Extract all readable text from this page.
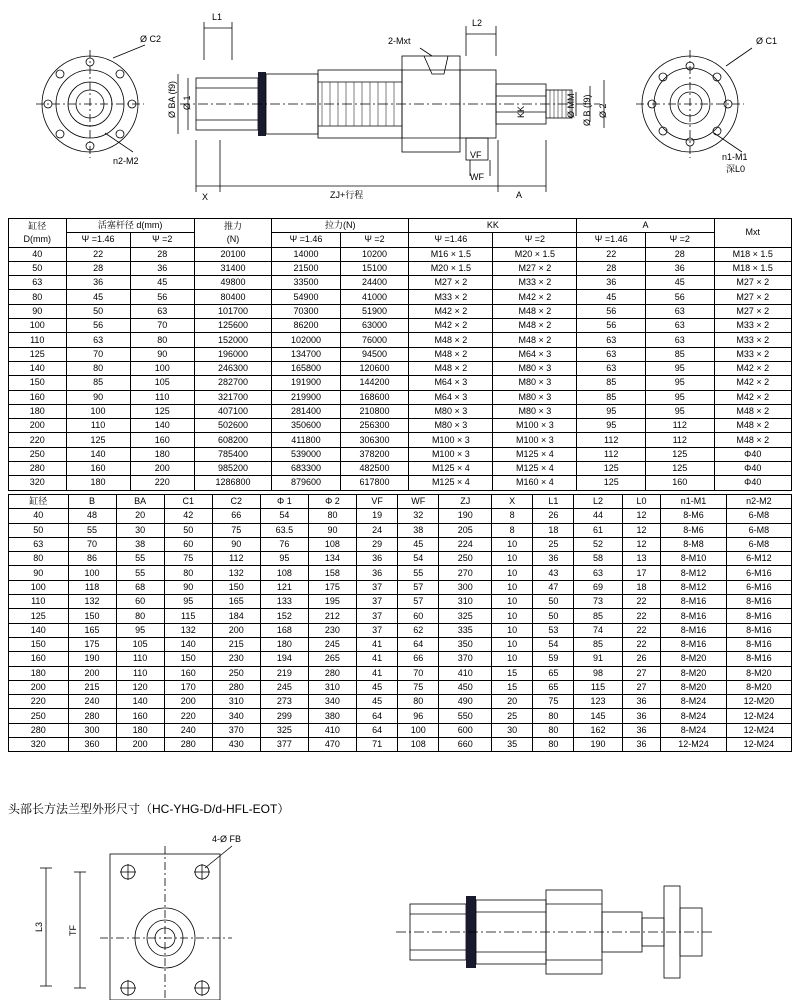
L1
Ø C2
Ø BA (f9) Ø 1
n2-M2
2-Mxt
L2
KK	Ø MM Ø B (f9) Ø 2
Ø C1
n1-M1
深L0
VF
WF
A
X	ZJ+行程
缸径
D(mm)
	活塞杆径 d(mm)	推力
(N)
	拉力(N)	KK	A	Mxt
	Ψ =1.46	Ψ =2		Ψ =1.46	Ψ =2	Ψ =1.46	Ψ =2	Ψ =1.46	Ψ =2	
40	22	28	20100	14000	10200	M16 × 1.5	M20 × 1.5	22	28	M18 × 1.5
50	28	36	31400	21500	15100	M20 × 1.5	M27 × 2	28	36	M18 × 1.5
63	36	45	49800	33500	24400	M27 × 2	M33 × 2	36	45	M27 × 2
80	45	56	80400	54900	41000	M33 × 2	M42 × 2	45	56	M27 × 2
90	50	63	101700	70300	51900	M42 × 2	M48 × 2	56	63	M27 × 2
100	56	70	125600	86200	63000	M42 × 2	M48 × 2	56	63	M33 × 2
110	63	80	152000	102000	76000	M48 × 2	M48 × 2	63	63	M33 × 2
125	70	90	196000	134700	94500	M48 × 2	M64 × 3	63	85	M33 × 2
140	80	100	246300	165800	120600	M48 × 2	M80 × 3	63	95	M42 × 2
150	85	105	282700	191900	144200	M64 × 3	M80 × 3	85	95	M42 × 2
160	90	110	321700	219900	168600	M64 × 3	M80 × 3	85	95	M42 × 2
180	100	125	407100	281400	210800	M80 × 3	M80 × 3	95	95	M48 × 2
200	110	140	502600	350600	256300	M80 × 3	M100 × 3	95	112	M48 × 2
220	125	160	608200	411800	306300	M100 × 3	M100 × 3	112	112	M48 × 2
250	140	180	785400	539000	378200	M100 × 3	M125 × 4	112	125	Φ40
280	160	200	985200	683300	482500	M125 × 4	M125 × 4	125	125	Φ40
320	180	220	1286800	879600	617800	M125 × 4	M160 × 4	125	160	Φ40
缸径	B	BA	C1	C2	Φ 1	Φ 2	VF	WF	ZJ	X	L1	L2	L0	n1-M1	n2-M2
40	48	20	42	66	54	80	19	32	190	8	26	44	12	8-M6	6-M8
50	55	30	50	75	63.5	90	24	38	205	8	18	61	12	8-M6	6-M8
63	70	38	60	90	76	108	29	45	224	10	25	52	12	8-M8	6-M8
80	86	55	75	112	95	134	36	54	250	10	36	58	13	8-M10	6-M12
90	100	55	80	132	108	158	36	55	270	10	43	63	17	8-M12	6-M16
100	118	68	90	150	121	175	37	57	300	10	47	69	18	8-M12	6-M16
110	132	60	95	165	133	195	37	57	310	10	50	73	22	8-M16	8-M16
125	150	80	115	184	152	212	37	60	325	10	50	85	22	8-M16	8-M16
140	165	95	132	200	168	230	37	62	335	10	53	74	22	8-M16	8-M16
150	175	105	140	215	180	245	41	64	350	10	54	85	22	8-M16	8-M16
160	190	110	150	230	194	265	41	66	370	10	59	91	26	8-M20	8-M16
180	200	110	160	250	219	280	41	70	410	15	65	98	27	8-M20	8-M20
200	215	120	170	280	245	310	45	75	450	15	65	115	27	8-M20	8-M20
220	240	140	200	310	273	340	45	80	490	20	75	123	36	8-M24	12-M20
250	280	160	220	340	299	380	64	96	550	25	80	145	36	8-M24	12-M24
280	300	180	240	370	325	410	64	100	600	30	80	162	36	8-M24	12-M24
320	360	200	280	430	377	470	71	108	660	35	80	190	36	12-M24	12-M24
头部长方法兰型外形尺寸（HC-YHG-D/d-HFL-EOT）
4-Ø FB
L3	TF
